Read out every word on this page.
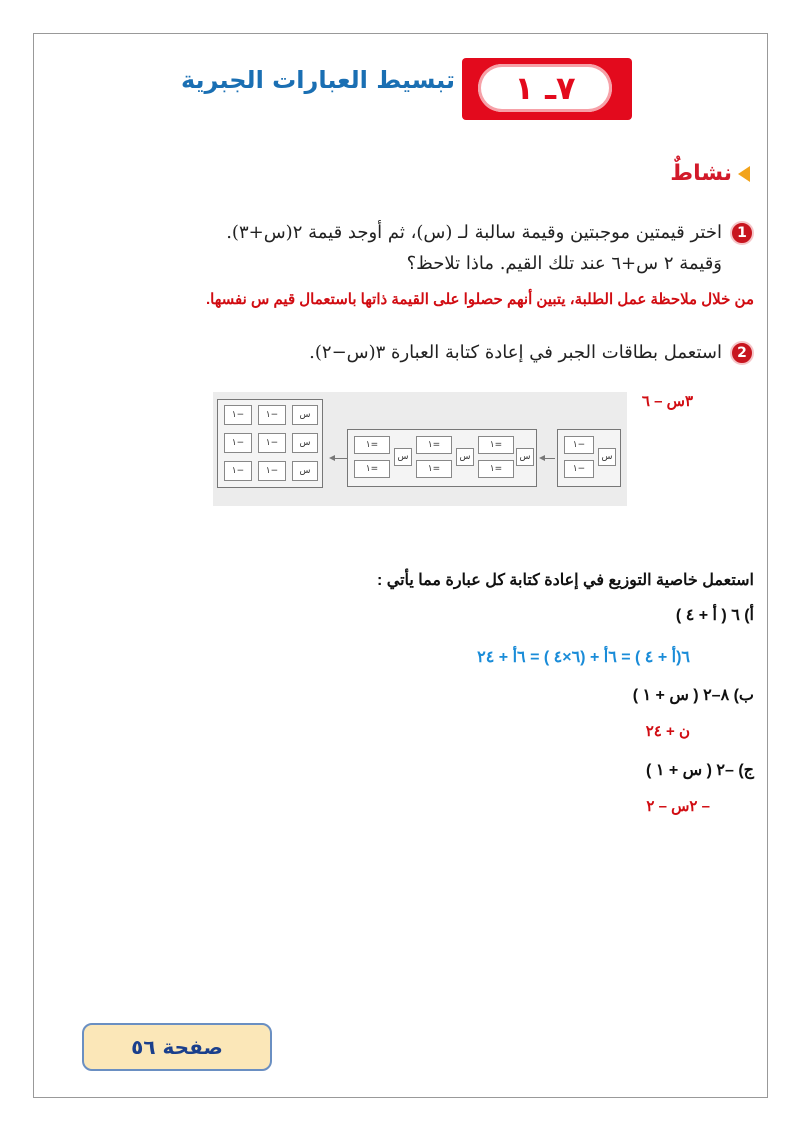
٧ـ ١
تبسيط العبارات الجبرية
نشاطٌ
1
اختر قيمتين موجبتين وقيمة سالبة لـ (س)، ثم أوجد قيمة ٢(س+٣).
وَقيمة ٢ س+٦ عند تلك القيم. ماذا تلاحظ؟
من خلال ملاحظة عمل الطلبة، يتبين أنهم حصلوا على القيمة ذاتها باستعمال قيم س نفسها.
2
استعمل بطاقات الجبر في إعادة كتابة العبارة ٣(س−٢).
٣س – ٦
١−	١−	س
١−	١−	س
١−	١−	س
١=
١=
س
١=
١=
س
١=
١=
س
١−
١−
س
استعمل خاصية التوزيع في إعادة كتابة كل عبارة مما يأتي :
أ) ٦ ( أ + ٤ )
٦(أ + ٤ ) = ٦أ + (٦×٤ ) = ٦أ + ٢٤
ب) ٨–٢ ( س + ١ )
ن + ٢٤
ج) –٢ ( س + ١ )
– ٢س – ٢
صفحة ٥٦
